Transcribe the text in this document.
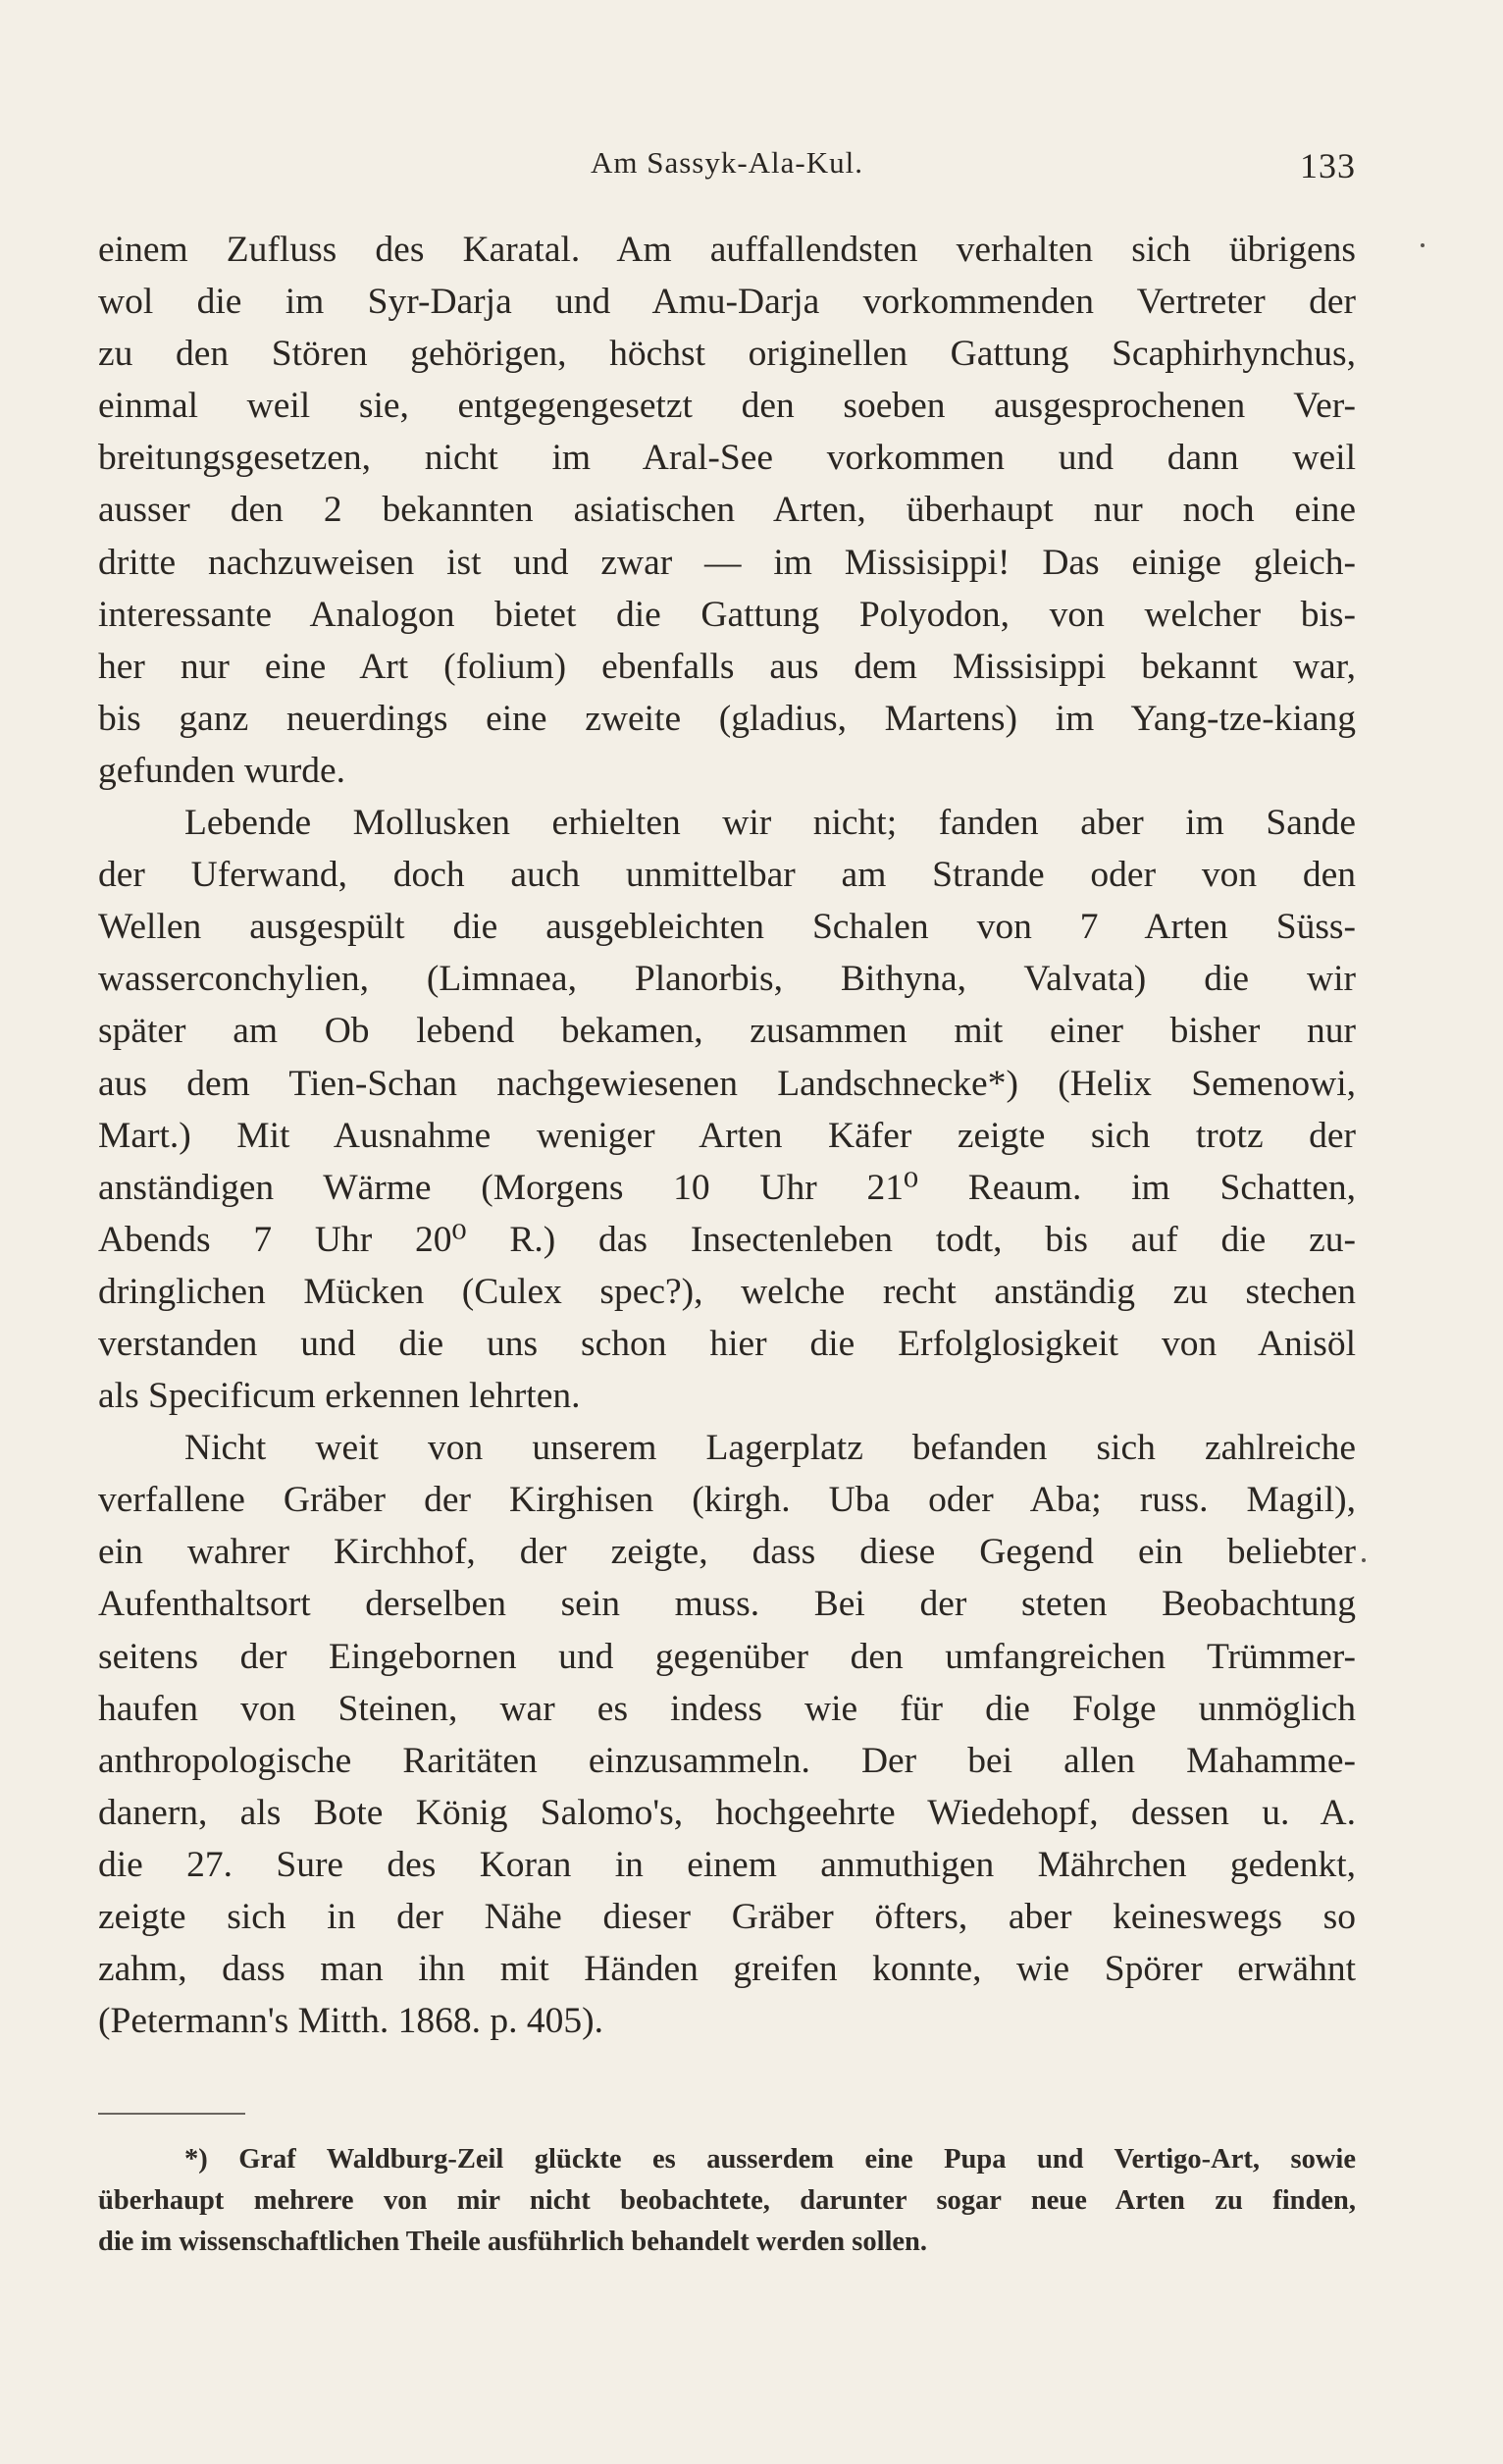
Am Sassyk-Ala-Kul.	133
einem Zufluss des Karatal. Am auffallendsten verhalten sich übrigens
wol die im Syr-Darja und Amu-Darja vorkommenden Vertreter der
zu den Stören gehörigen, höchst originellen Gattung Scaphirhynchus,
einmal weil sie, entgegengesetzt den soeben ausgesprochenen Ver-
breitungsgesetzen, nicht im Aral-See vorkommen und dann weil
ausser den 2 bekannten asiatischen Arten, überhaupt nur noch eine
dritte nachzuweisen ist und zwar — im Missisippi! Das einige gleich-
interessante Analogon bietet die Gattung Polyodon, von welcher bis-
her nur eine Art (folium) ebenfalls aus dem Missisippi bekannt war,
bis ganz neuerdings eine zweite (gladius, Martens) im Yang-tze-kiang
gefunden wurde.
Lebende Mollusken erhielten wir nicht; fanden aber im Sande
der Uferwand, doch auch unmittelbar am Strande oder von den
Wellen ausgespült die ausgebleichten Schalen von 7 Arten Süss-
wasserconchylien, (Limnaea, Planorbis, Bithyna, Valvata) die wir
später am Ob lebend bekamen, zusammen mit einer bisher nur
aus dem Tien-Schan nachgewiesenen Landschnecke*) (Helix Semenowi,
Mart.) Mit Ausnahme weniger Arten Käfer zeigte sich trotz der
anständigen Wärme (Morgens 10 Uhr 21⁰ Reaum. im Schatten,
Abends 7 Uhr 20⁰ R.) das Insectenleben todt, bis auf die zu-
dringlichen Mücken (Culex spec?), welche recht anständig zu stechen
verstanden und die uns schon hier die Erfolglosigkeit von Anisöl
als Specificum erkennen lehrten.
Nicht weit von unserem Lagerplatz befanden sich zahlreiche
verfallene Gräber der Kirghisen (kirgh. Uba oder Aba; russ. Magil),
ein wahrer Kirchhof, der zeigte, dass diese Gegend ein beliebter
Aufenthaltsort derselben sein muss. Bei der steten Beobachtung
seitens der Eingebornen und gegenüber den umfangreichen Trümmer-
haufen von Steinen, war es indess wie für die Folge unmöglich
anthropologische Raritäten einzusammeln. Der bei allen Mahamme-
danern, als Bote König Salomo's, hochgeehrte Wiedehopf, dessen u. A.
die 27. Sure des Koran in einem anmuthigen Mährchen gedenkt,
zeigte sich in der Nähe dieser Gräber öfters, aber keineswegs so
zahm, dass man ihn mit Händen greifen konnte, wie Spörer erwähnt
(Petermann's Mitth. 1868. p. 405).
*) Graf Waldburg-Zeil glückte es ausserdem eine Pupa und Vertigo-Art, sowie
überhaupt mehrere von mir nicht beobachtete, darunter sogar neue Arten zu finden,
die im wissenschaftlichen Theile ausführlich behandelt werden sollen.
